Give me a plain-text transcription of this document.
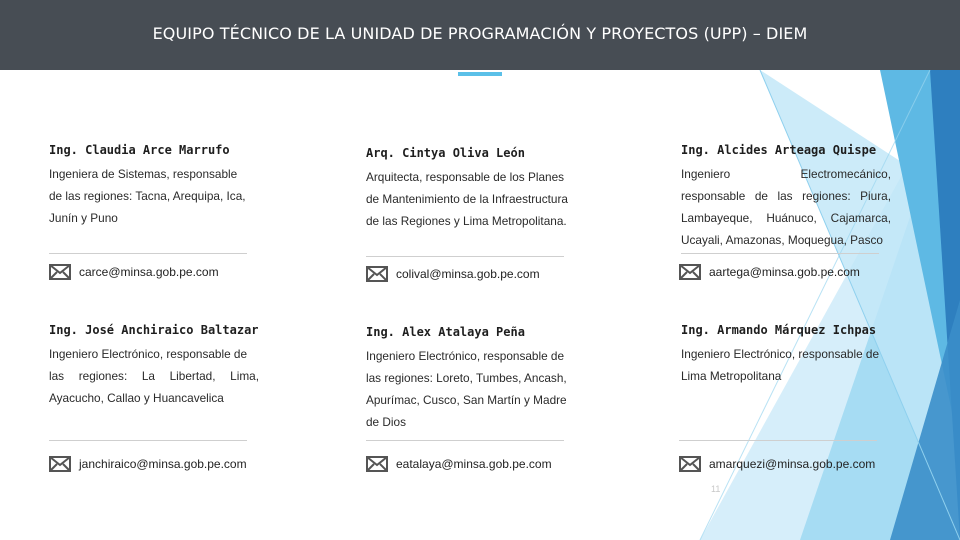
EQUIPO TÉCNICO DE LA UNIDAD DE PROGRAMACIÓN Y PROYECTOS (UPP) – DIEM
Ing. Claudia Arce Marrufo
Ingeniera de Sistemas, responsable
de las regiones: Tacna, Arequipa, Ica,
Junín y Puno
carce@minsa.gob.pe.com
Arq. Cintya Oliva León
Arquitecta, responsable de los Planes
de Mantenimiento de la Infraestructura
de las Regiones y Lima Metropolitana.
colival@minsa.gob.pe.com
Ing. Alcides Arteaga Quispe
Ingeniero Electromecánico,
responsable de las regiones: Piura,
Lambayeque, Huánuco, Cajamarca,
Ucayali, Amazonas, Moquegua, Pasco
aartega@minsa.gob.pe.com
Ing. José Anchiraico Baltazar
Ingeniero Electrónico, responsable de
las regiones: La Libertad, Lima,
Ayacucho, Callao y Huancavelica
janchiraico@minsa.gob.pe.com
Ing. Alex Atalaya Peña
Ingeniero Electrónico, responsable de
las regiones: Loreto, Tumbes, Ancash,
Apurímac, Cusco, San Martín y Madre
de Dios
eatalaya@minsa.gob.pe.com
Ing. Armando Márquez Ichpas
Ingeniero Electrónico, responsable de
Lima Metropolitana
amarquezi@minsa.gob.pe.com
11
